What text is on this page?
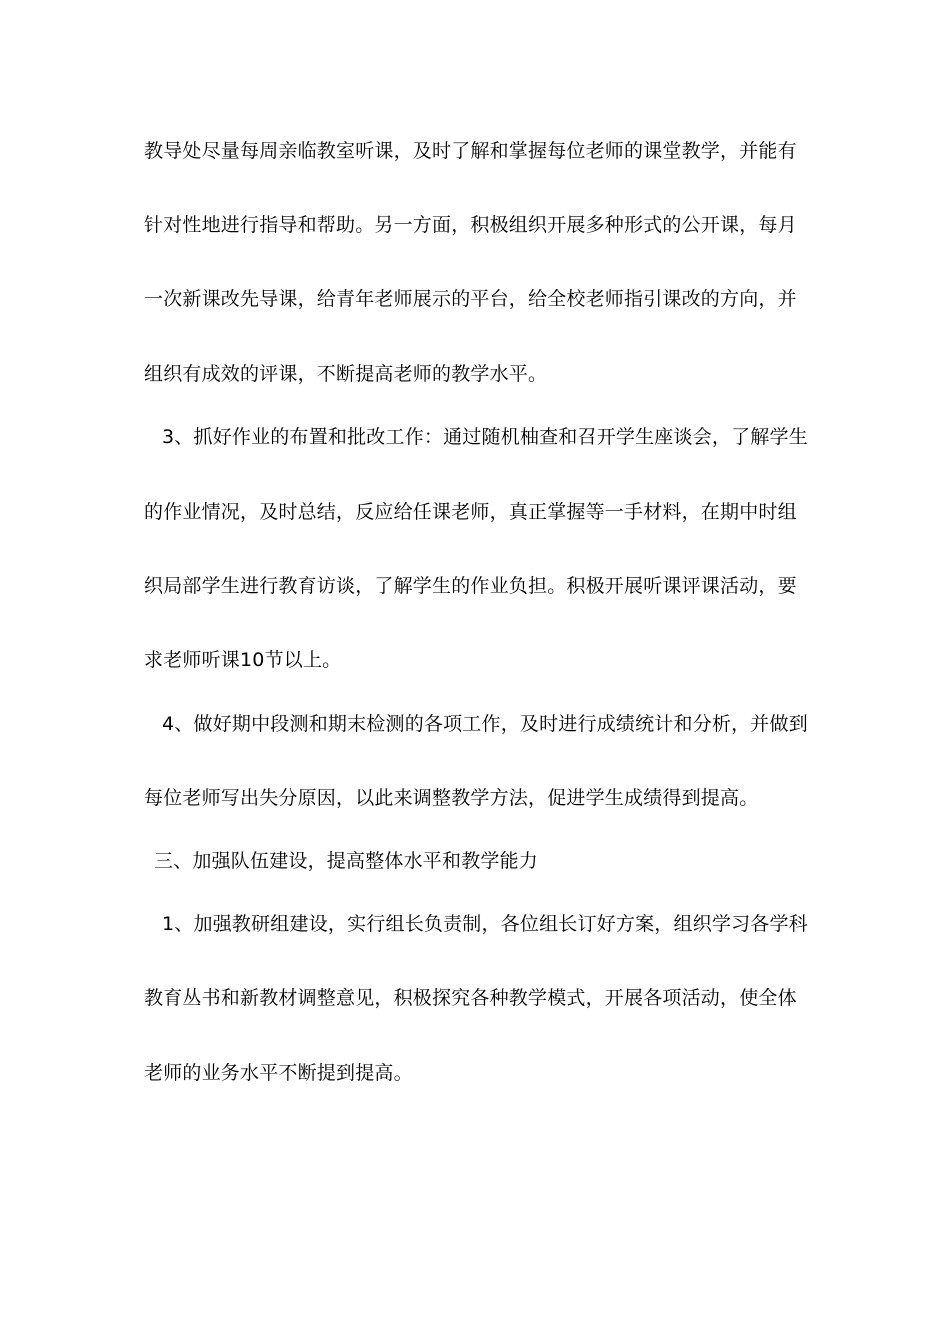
教导处尽量每周亲临教室听课，及时了解和掌握每位老师的课堂教学，并能有
针对性地进行指导和帮助。另一方面，积极组织开展多种形式的公开课，每月
一次新课改先导课，给青年老师展示的平台，给全校老师指引课改的方向，并
组织有成效的评课，不断提高老师的教学水平。
3、抓好作业的布置和批改工作：通过随机柚查和召开学生座谈会，了解学生
的作业情况，及时总结，反应给任课老师，真正掌握等一手材料，在期中时组
织局部学生进行教育访谈，了解学生的作业负担。积极开展听课评课活动，要
求老师听课10节以上。
4、做好期中段测和期末检测的各项工作，及时进行成绩统计和分析，并做到
每位老师写出失分原因，以此来调整教学方法，促进学生成绩得到提高。
三、加强队伍建设，提高整体水平和教学能力
1、加强教研组建设，实行组长负责制，各位组长订好方案，组织学习各学科
教育丛书和新教材调整意见，积极探究各种教学模式，开展各项活动，使全体
老师的业务水平不断提到提高。
